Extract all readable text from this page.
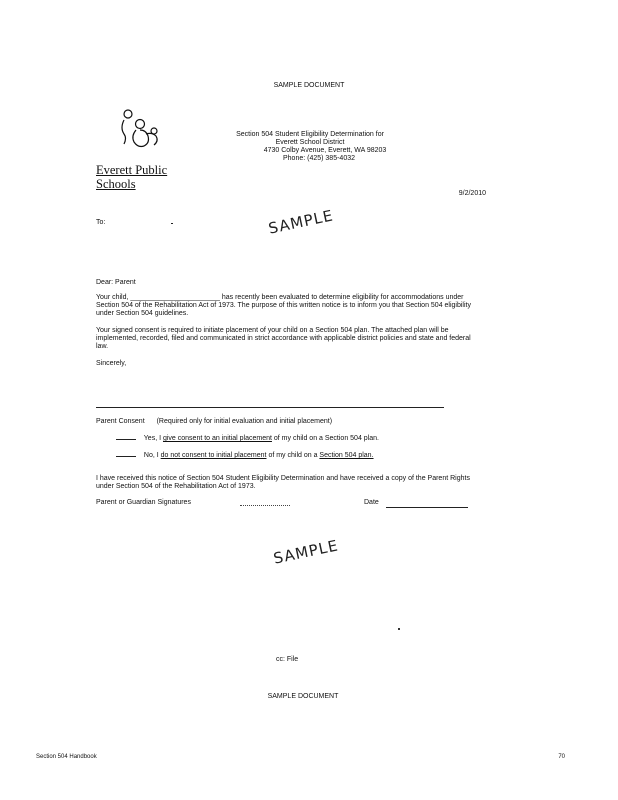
SAMPLE DOCUMENT
Everett Public Schools
Section 504 Student Eligibility Determination for
Everett School District
4730 Colby Avenue, Everett, WA 98203
Phone: (425) 385-4032
9/2/2010
To:	SAMPLE
Dear: Parent
Your child, _______________________ has recently been evaluated to determine eligibility for accommodations under Section 504 of the Rehabilitation Act of 1973. The purpose of this written notice is to inform you that Section 504 eligibility under Section 504 guidelines.
Your signed consent is required to initiate placement of your child on a Section 504 plan. The attached plan will be implemented, recorded, filed and communicated in strict accordance with applicable district policies and state and federal law.
Sincerely,
Parent Consent (Required only for initial evaluation and initial placement)
Yes, I give consent to an initial placement of my child on a Section 504 plan.
No, I do not consent to initial placement of my child on a Section 504 plan.
I have received this notice of Section 504 Student Eligibility Determination and have received a copy of the Parent Rights under Section 504 of the Rehabilitation Act of 1973.
Parent or Guardian Signatures	Date
SAMPLE
cc: File
SAMPLE DOCUMENT
Section 504 Handbook	70
